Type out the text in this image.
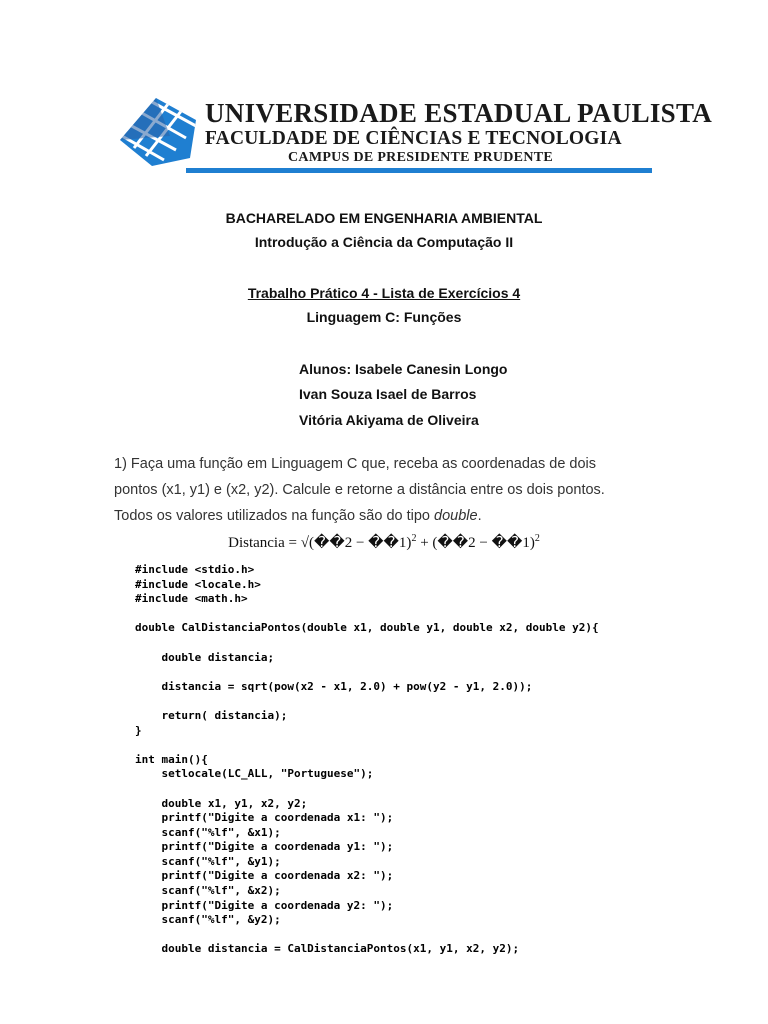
UNIVERSIDADE ESTADUAL PAULISTA
FACULDADE DE CIÊNCIAS E TECNOLOGIA
CAMPUS DE PRESIDENTE PRUDENTE
BACHARELADO EM ENGENHARIA AMBIENTAL
Introdução a Ciência da Computação II
Trabalho Prático 4 - Lista de Exercícios 4
Linguagem C: Funções
Alunos: Isabele Canesin Longo
Ivan Souza Isael de Barros
Vitória Akiyama de Oliveira
1) Faça uma função em Linguagem C que, receba as coordenadas de dois
pontos (x1, y1) e (x2, y2). Calcule e retorne a distância entre os dois pontos.
Todos os valores utilizados na função são do tipo double.
Distancia = √(��2 − ��1)$^2$ + (��2 − ��1)$^2$
#include <stdio.h>
#include <locale.h>
#include <math.h>

double CalDistanciaPontos(double x1, double y1, double x2, double y2){

double distancia;

distancia = sqrt(pow(x2 - x1, 2.0) + pow(y2 - y1, 2.0));

return( distancia);
}

int main(){
setlocale(LC_ALL, "Portuguese");

double x1, y1, x2, y2;
printf("Digite a coordenada x1: ");
scanf("%lf", &x1);
printf("Digite a coordenada y1: ");
scanf("%lf", &y1);
printf("Digite a coordenada x2: ");
scanf("%lf", &x2);
printf("Digite a coordenada y2: ");
scanf("%lf", &y2);

double distancia = CalDistanciaPontos(x1, y1, x2, y2);
